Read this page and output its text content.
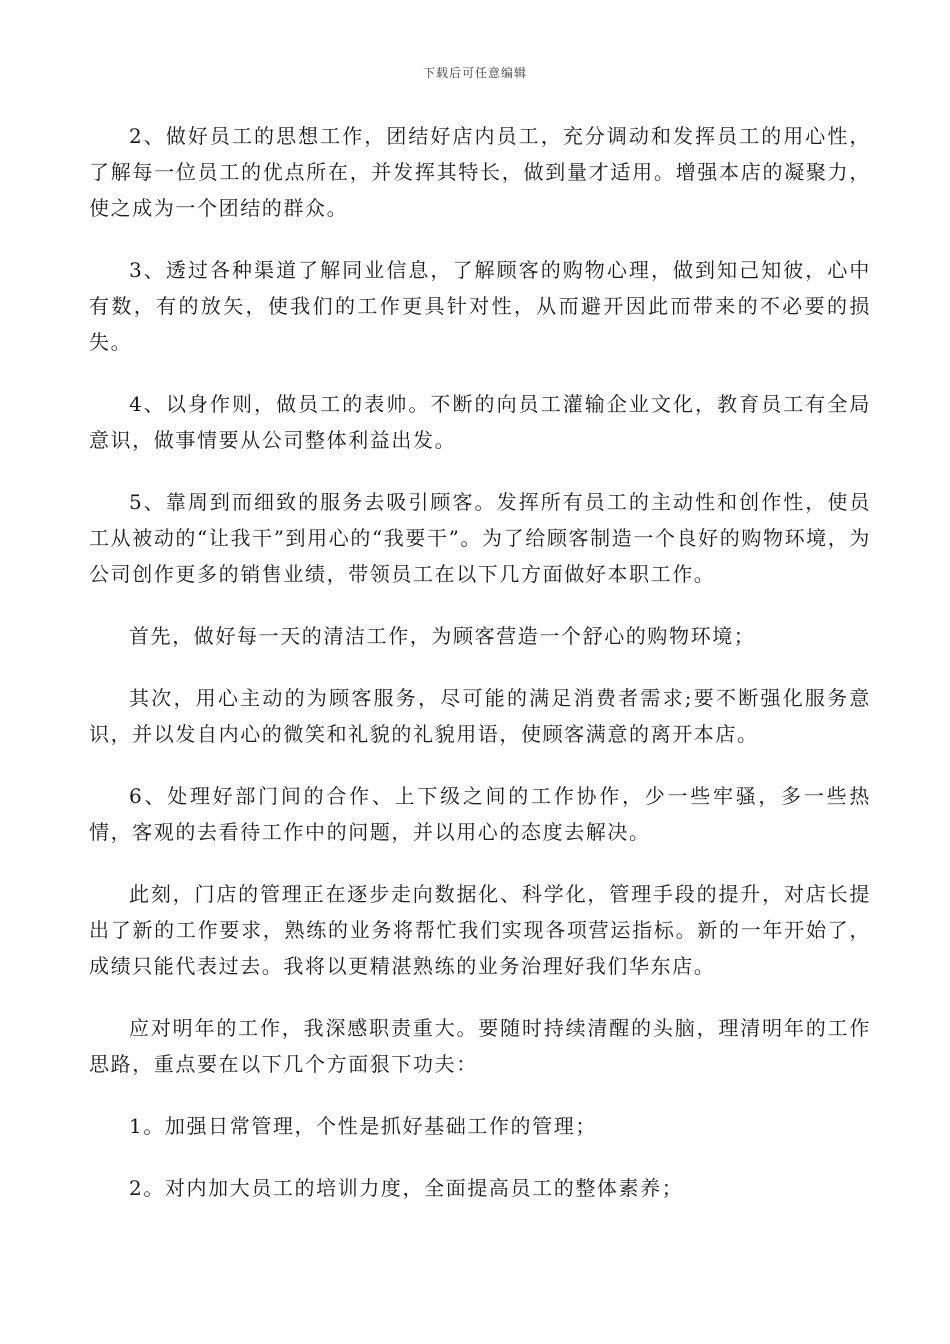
下载后可任意编辑

2、做好员工的思想工作，团结好店内员工，充分调动和发挥员工的用心性，了解每一位员工的优点所在，并发挥其特长，做到量才适用。增强本店的凝聚力，使之成为一个团结的群众。

3、透过各种渠道了解同业信息，了解顾客的购物心理，做到知己知彼，心中有数，有的放矢，使我们的工作更具针对性，从而避开因此而带来的不必要的损失。

4、以身作则，做员工的表帅。不断的向员工灌输企业文化，教育员工有全局意识，做事情要从公司整体利益出发。

5、靠周到而细致的服务去吸引顾客。发挥所有员工的主动性和创作性，使员工从被动的“让我干”到用心的“我要干”。为了给顾客制造一个良好的购物环境，为公司创作更多的销售业绩，带领员工在以下几方面做好本职工作。

首先，做好每一天的清洁工作，为顾客营造一个舒心的购物环境；

其次，用心主动的为顾客服务，尽可能的满足消费者需求;要不断强化服务意识，并以发自内心的微笑和礼貌的礼貌用语，使顾客满意的离开本店。

6、处理好部门间的合作、上下级之间的工作协作，少一些牢骚，多一些热情，客观的去看待工作中的问题，并以用心的态度去解决。

此刻，门店的管理正在逐步走向数据化、科学化，管理手段的提升，对店长提出了新的工作要求，熟练的业务将帮忙我们实现各项营运指标。新的一年开始了，成绩只能代表过去。我将以更精湛熟练的业务治理好我们华东店。

应对明年的工作，我深感职责重大。要随时持续清醒的头脑，理清明年的工作思路，重点要在以下几个方面狠下功夫：

1。加强日常管理，个性是抓好基础工作的管理；

2。对内加大员工的培训力度，全面提高员工的整体素养；
